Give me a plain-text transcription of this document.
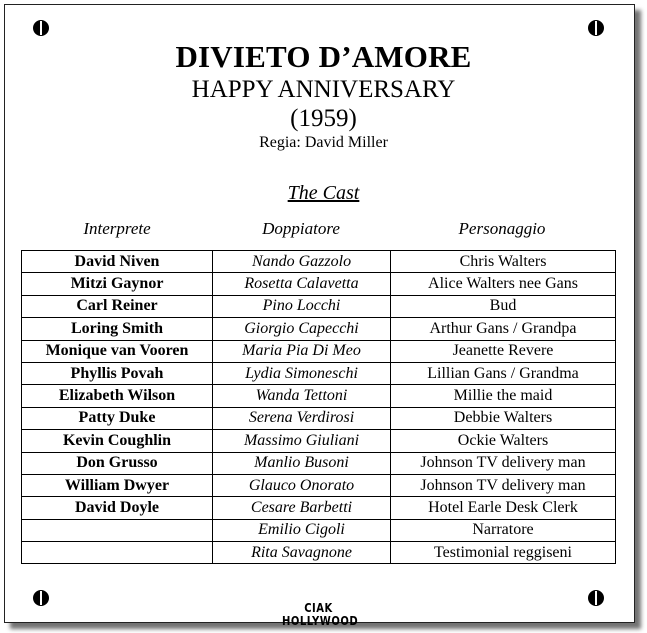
DIVIETO D’AMORE
HAPPY ANNIVERSARY
(1959)
Regia: David Miller
The Cast
Interprete	Doppiatore	Personaggio
David Niven	Nando Gazzolo	Chris Walters
Mitzi Gaynor	Rosetta Calavetta	Alice Walters nee Gans
Carl Reiner	Pino Locchi	Bud
Loring Smith	Giorgio Capecchi	Arthur Gans / Grandpa
Monique van Vooren	Maria Pia Di Meo	Jeanette Revere
Phyllis Povah	Lydia Simoneschi	Lillian Gans / Grandma
Elizabeth Wilson	Wanda Tettoni	Millie the maid
Patty Duke	Serena Verdirosi	Debbie Walters
Kevin Coughlin	Massimo Giuliani	Ockie Walters
Don Grusso	Manlio Busoni	Johnson TV delivery man
William Dwyer	Glauco Onorato	Johnson TV delivery man
David Doyle	Cesare Barbetti	Hotel Earle Desk Clerk
	Emilio Cigoli	Narratore
	Rita Savagnone	Testimonial reggiseni
CIAK HOLLYWOOD
